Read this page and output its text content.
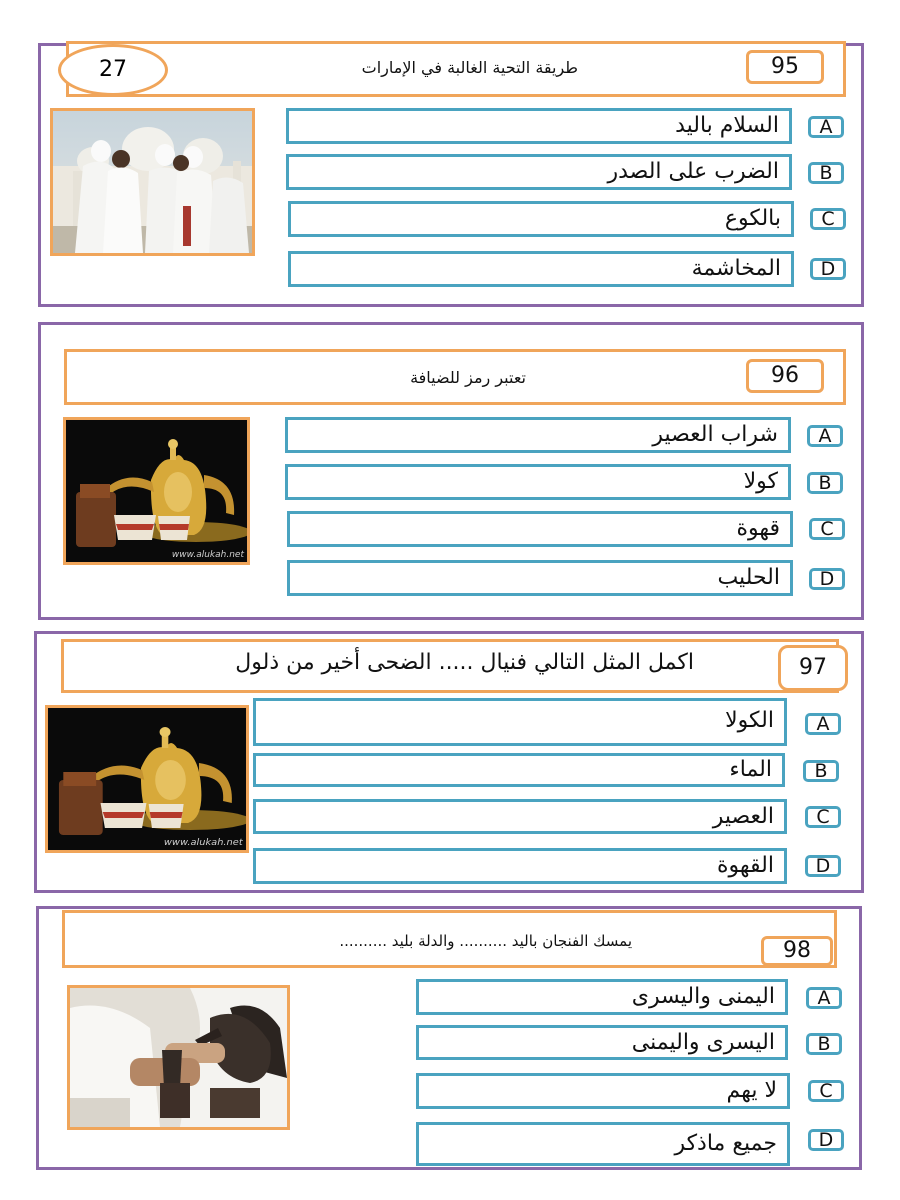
27	طريقة التحية الغالبة في الإمارات	95
السلام باليد	A
الضرب على الصدر	B
بالكوع	C
المخاشمة	D
تعتبر رمز للضيافة	96
www.alukah.net
شراب العصير	A
كولا	B
قهوة	C
الحليب	D
اكمل المثل التالي فنيال ..... الضحى أخير من ذلول	97
www.alukah.net
الكولا	A
الماء	B
العصير	C
القهوة	D
يمسك الفنجان باليد .......... والدلة بليد ..........	98
اليمنى واليسرى	A
اليسرى واليمنى	B
لا يهم	C
جميع ماذكر	D
